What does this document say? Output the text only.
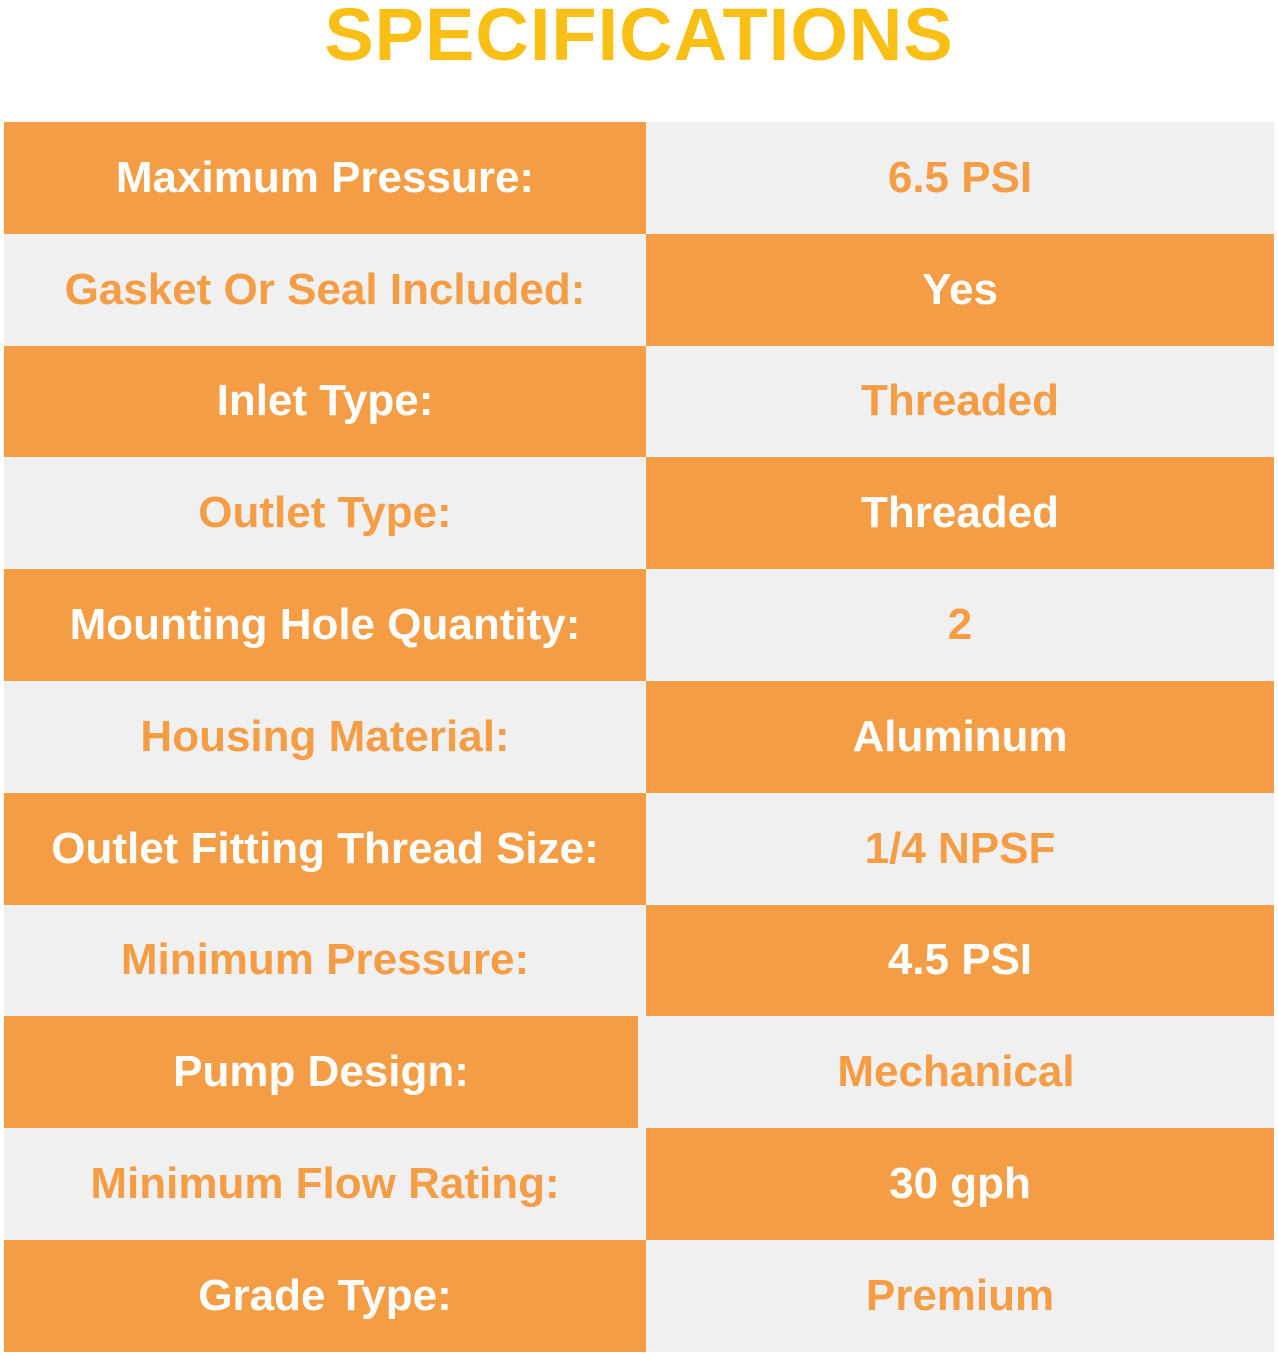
SPECIFICATIONS
Maximum Pressure:	6.5 PSI
Gasket Or Seal Included:	Yes
Inlet Type:	Threaded
Outlet Type:	Threaded
Mounting Hole Quantity:	2
Housing Material:	Aluminum
Outlet Fitting Thread Size:	1/4 NPSF
Minimum Pressure:	4.5 PSI
Pump Design:	Mechanical
Minimum Flow Rating:	30 gph
Grade Type:	Premium
